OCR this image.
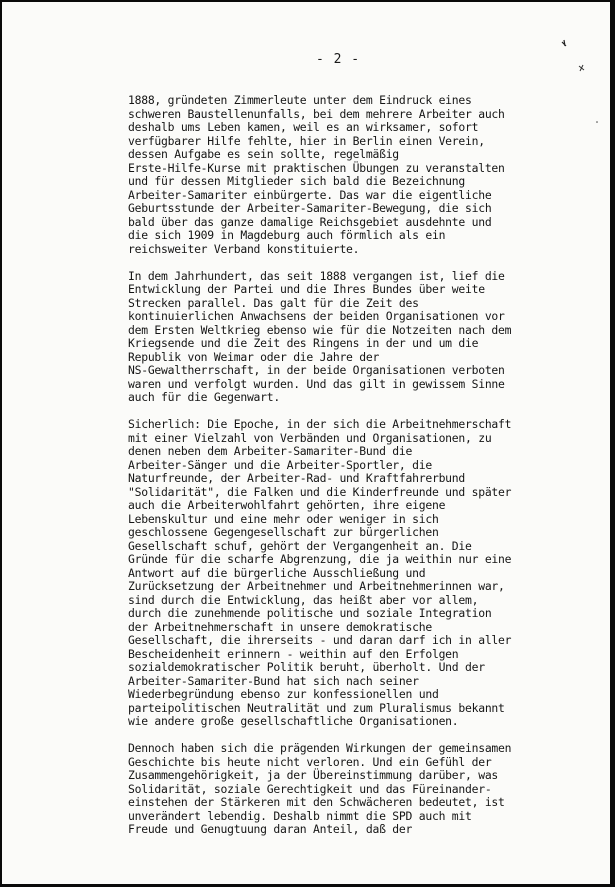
- 2 -
1888, gründeten Zimmerleute unter dem Eindruck eines
schweren Baustellenunfalls, bei dem mehrere Arbeiter auch
deshalb ums Leben kamen, weil es an wirksamer, sofort
verfügbarer Hilfe fehlte, hier in Berlin einen Verein,
dessen Aufgabe es sein sollte, regelmäßig
Erste-Hilfe-Kurse mit praktischen Übungen zu veranstalten
und für dessen Mitglieder sich bald die Bezeichnung
Arbeiter-Samariter einbürgerte. Das war die eigentliche
Geburtsstunde der Arbeiter-Samariter-Bewegung, die sich
bald über das ganze damalige Reichsgebiet ausdehnte und
die sich 1909 in Magdeburg auch förmlich als ein
reichsweiter Verband konstituierte.
In dem Jahrhundert, das seit 1888 vergangen ist, lief die
Entwicklung der Partei und die Ihres Bundes über weite
Strecken parallel. Das galt für die Zeit des
kontinuierlichen Anwachsens der beiden Organisationen vor
dem Ersten Weltkrieg ebenso wie für die Notzeiten nach dem
Kriegsende und die Zeit des Ringens in der und um die
Republik von Weimar oder die Jahre der
NS-Gewaltherrschaft, in der beide Organisationen verboten
waren und verfolgt wurden. Und das gilt in gewissem Sinne
auch für die Gegenwart.
Sicherlich: Die Epoche, in der sich die Arbeitnehmerschaft
mit einer Vielzahl von Verbänden und Organisationen, zu
denen neben dem Arbeiter-Samariter-Bund die
Arbeiter-Sänger und die Arbeiter-Sportler, die
Naturfreunde, der Arbeiter-Rad- und Kraftfahrerbund
"Solidarität", die Falken und die Kinderfreunde und später
auch die Arbeiterwohlfahrt gehörten, ihre eigene
Lebenskultur und eine mehr oder weniger in sich
geschlossene Gegengesellschaft zur bürgerlichen
Gesellschaft schuf, gehört der Vergangenheit an. Die
Gründe für die scharfe Abgrenzung, die ja weithin nur eine
Antwort auf die bürgerliche Ausschließung und
Zurücksetzung der Arbeitnehmer und Arbeitnehmerinnen war,
sind durch die Entwicklung, das heißt aber vor allem,
durch die zunehmende politische und soziale Integration
der Arbeitnehmerschaft in unsere demokratische
Gesellschaft, die ihrerseits - und daran darf ich in aller
Bescheidenheit erinnern - weithin auf den Erfolgen
sozialdemokratischer Politik beruht, überholt. Und der
Arbeiter-Samariter-Bund hat sich nach seiner
Wiederbegründung ebenso zur konfessionellen und
parteipolitischen Neutralität und zum Pluralismus bekannt
wie andere große gesellschaftliche Organisationen.
Dennoch haben sich die prägenden Wirkungen der gemeinsamen
Geschichte bis heute nicht verloren. Und ein Gefühl der
Zusammengehörigkeit, ja der Übereinstimmung darüber, was
Solidarität, soziale Gerechtigkeit und das Füreinander-
einstehen der Stärkeren mit den Schwächeren bedeutet, ist
unverändert lebendig. Deshalb nimmt die SPD auch mit
Freude und Genugtuung daran Anteil, daß der
